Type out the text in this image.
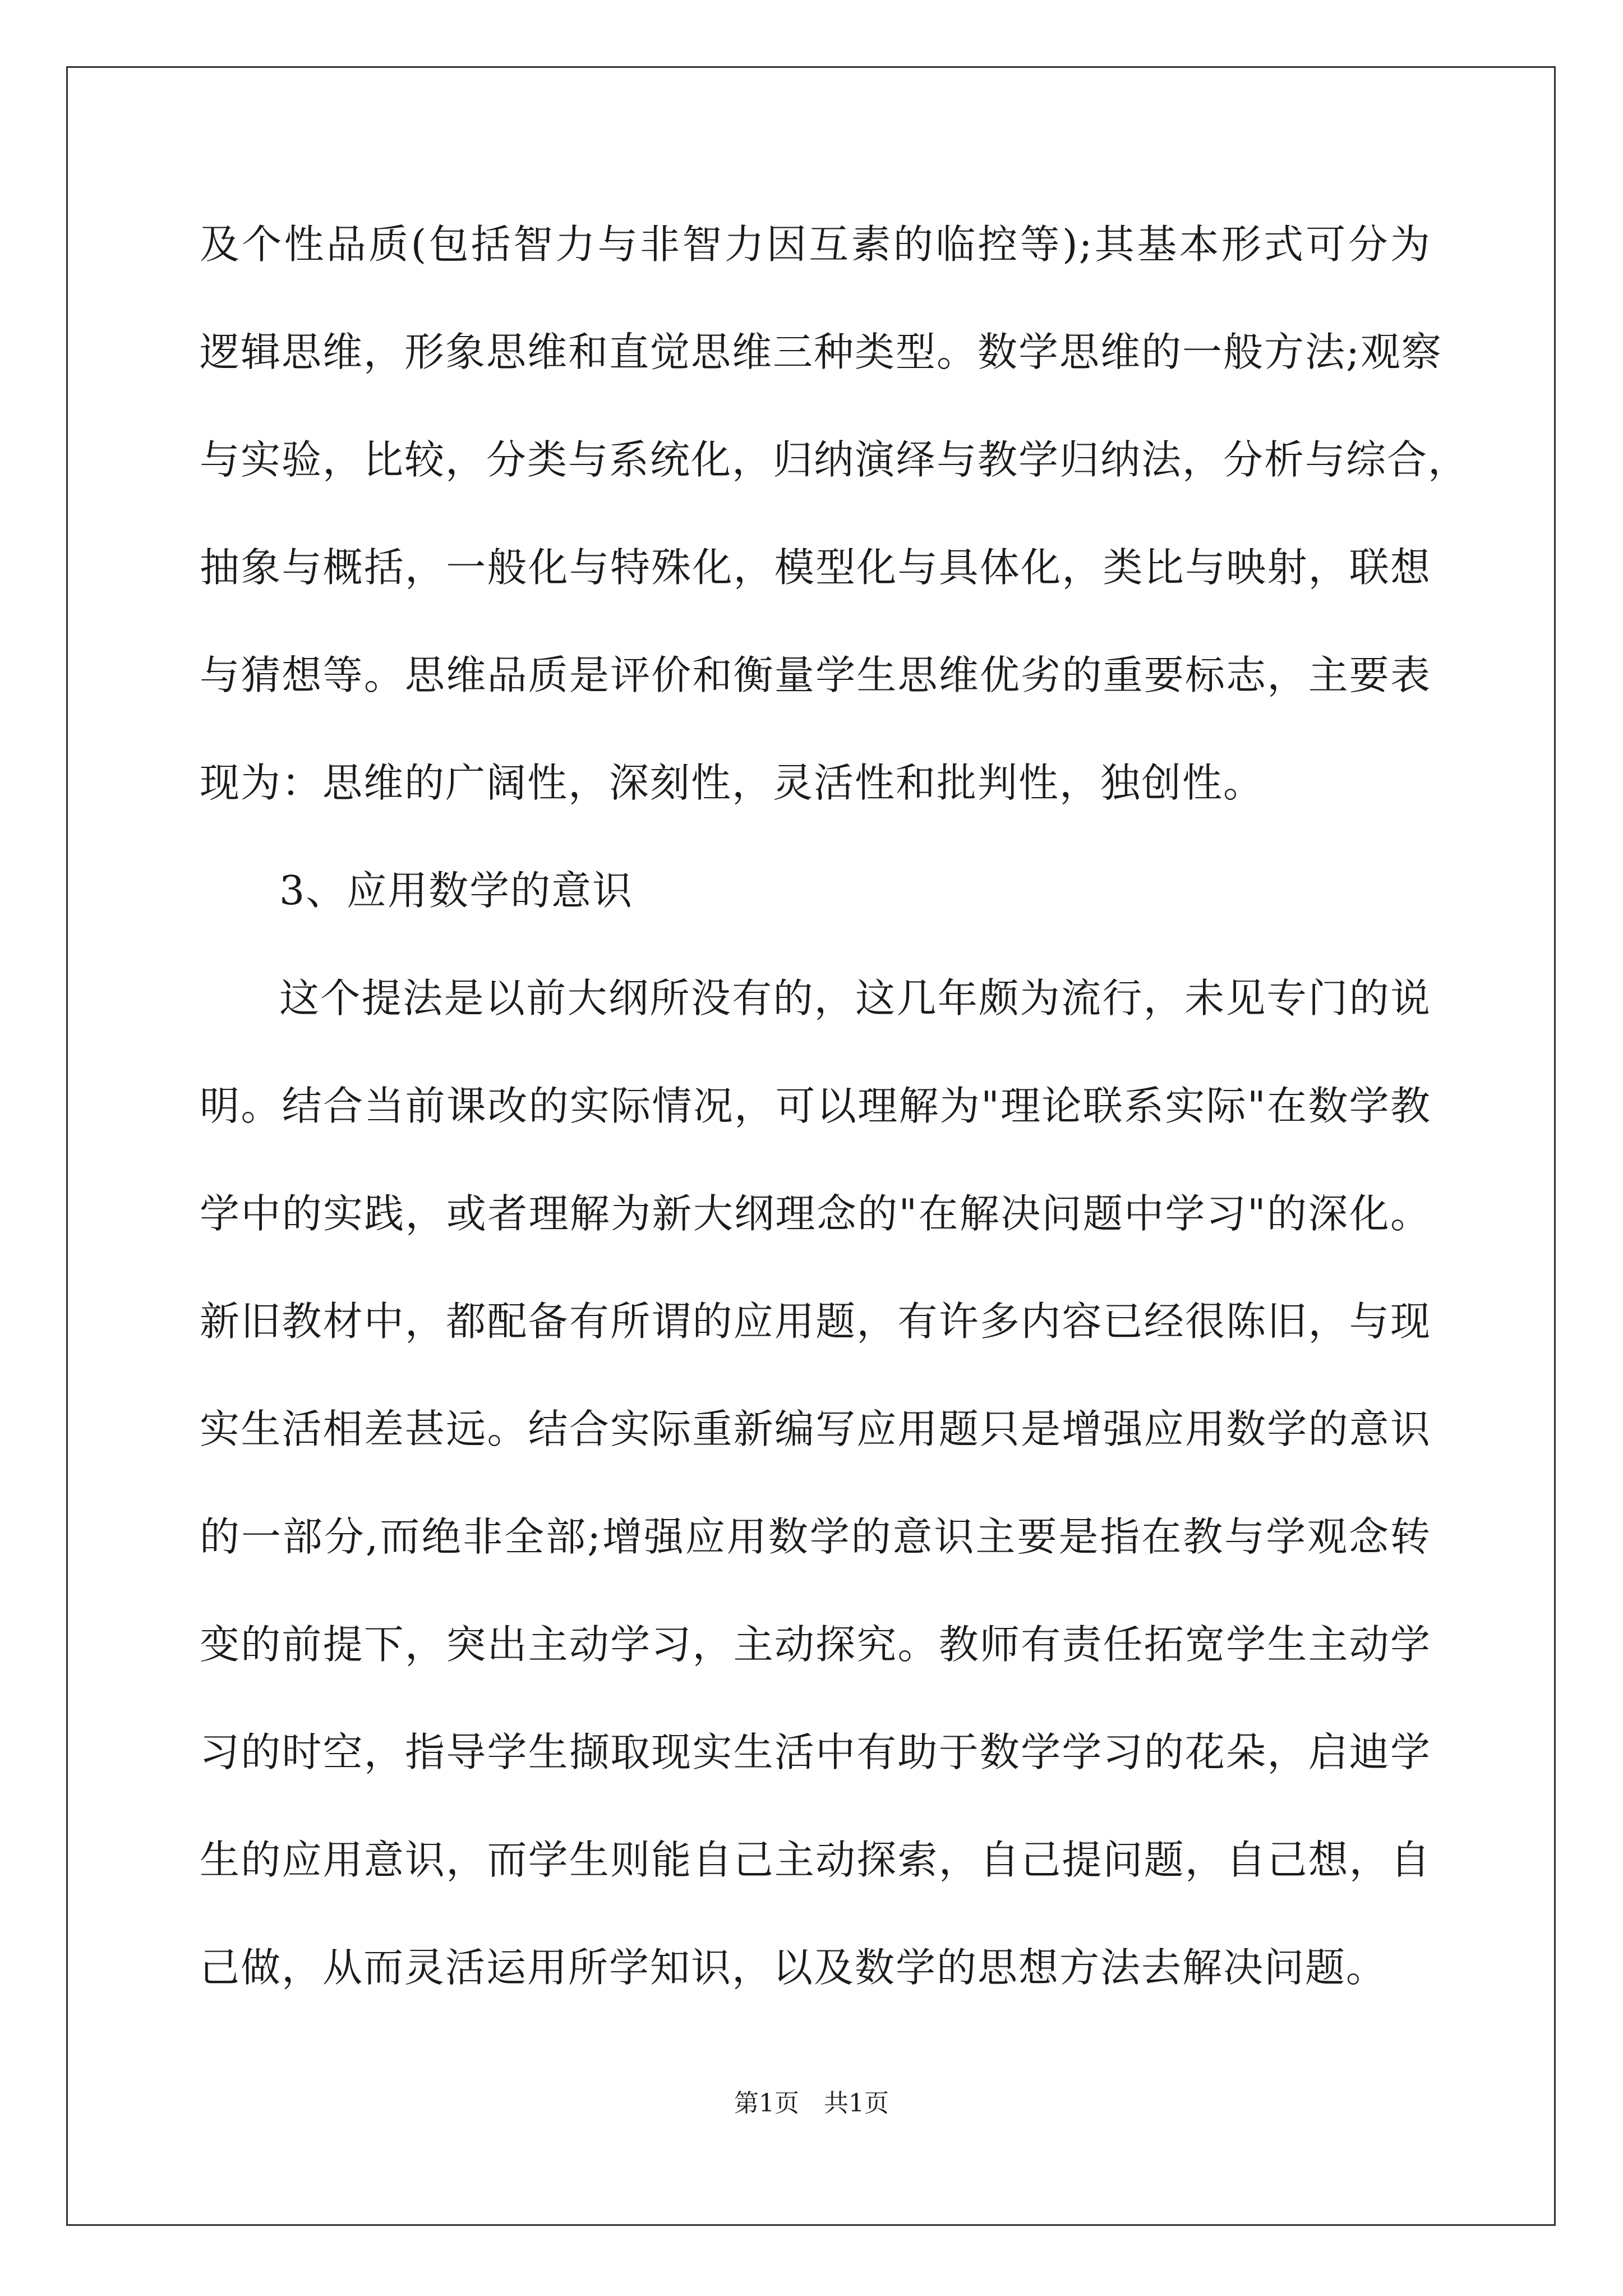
及个性品质(包括智力与非智力因互素的临控等);其基本形式可分为
逻辑思维，形象思维和直觉思维三种类型。数学思维的一般方法;观察
与实验，比较，分类与系统化，归纳演绎与教学归纳法，分析与综合，
抽象与概括，一般化与特殊化，模型化与具体化，类比与映射，联想
与猜想等。思维品质是评价和衡量学生思维优劣的重要标志，主要表
现为：思维的广阔性，深刻性，灵活性和批判性，独创性。
3、应用数学的意识
这个提法是以前大纲所没有的，这几年颇为流行，未见专门的说
明。结合当前课改的实际情况，可以理解为"理论联系实际"在数学教
学中的实践，或者理解为新大纲理念的"在解决问题中学习"的深化。
新旧教材中，都配备有所谓的应用题，有许多内容已经很陈旧，与现
实生活相差甚远。结合实际重新编写应用题只是增强应用数学的意识
的一部分,而绝非全部;增强应用数学的意识主要是指在教与学观念转
变的前提下，突出主动学习，主动探究。教师有责任拓宽学生主动学
习的时空，指导学生撷取现实生活中有助于数学学习的花朵，启迪学
生的应用意识，而学生则能自己主动探索，自己提问题，自己想，自
己做，从而灵活运用所学知识，以及数学的思想方法去解决问题。
第1页 共1页
